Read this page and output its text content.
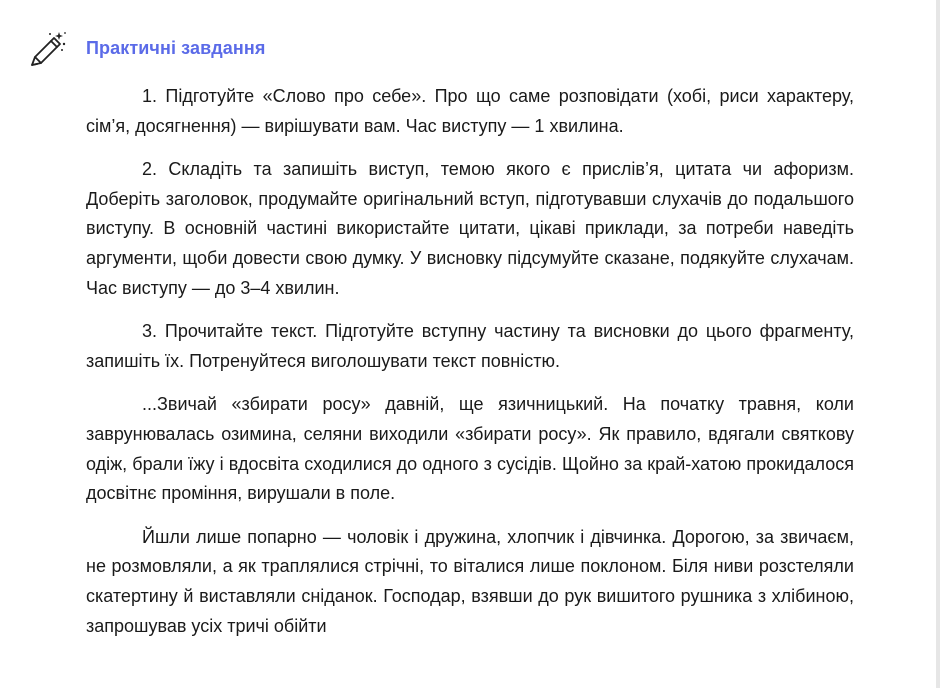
Практичні завдання

1. Підготуйте «Слово про себе». Про що саме розповідати (хобі, риси характеру, сім’я, досягнення) — вирішувати вам. Час виступу — 1 хвилина.

2. Складіть та запишіть виступ, темою якого є прислів’я, цитата чи афоризм. Доберіть заголовок, продумайте оригінальний вступ, підготувавши слухачів до подальшого виступу. В основній частині використайте цитати, цікаві приклади, за потреби наведіть аргументи, щоби довести свою думку. У висновку підсумуйте сказане, подякуйте слухачам. Час виступу — до 3–4 хвилин.

3. Прочитайте текст. Підготуйте вступну частину та висновки до цього фрагменту, запишіть їх. Потренуйтеся виголошувати текст повністю.

...Звичай «збирати росу» давній, ще язичницький. На початку травня, коли заврунювалась озимина, селяни виходили «збирати росу». Як правило, вдягали святкову одіж, брали їжу і вдосвіта сходилися до одного з сусідів. Щойно за край-хатою прокидалося досвітнє проміння, вирушали в поле.

Йшли лише попарно — чоловік і дружина, хлопчик і дівчинка. Дорогою, за звичаєм, не розмовляли, а як траплялися стрічні, то віталися лише поклоном. Біля ниви розстеляли скатертину й виставляли сніданок. Господар, взявши до рук вишитого рушника з хлібиною, запрошував усіх тричі обійти
